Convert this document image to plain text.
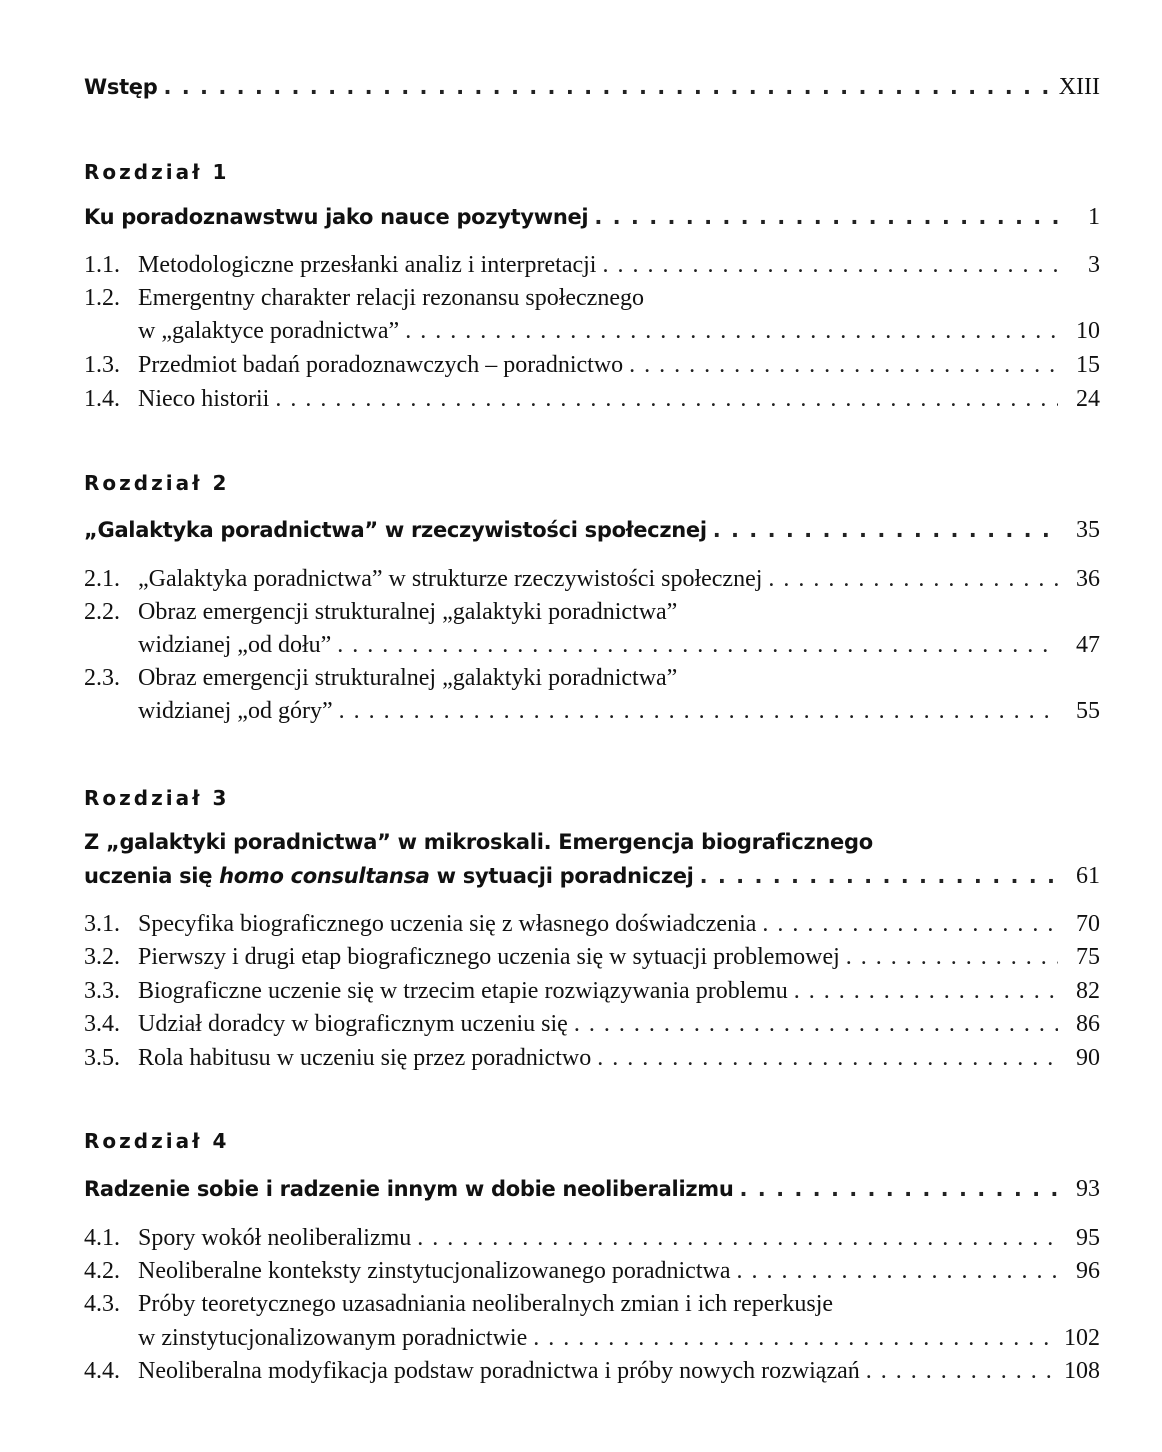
Wstęp . . .	XIII
Rozdział 1
Ku poradoznawstwu jako nauce pozytywnej . . .	1
1.1. Metodologiczne przesłanki analiz i interpretacji . . .	3
1.2. Emergentny charakter relacji rezonansu społecznego
w „galaktyce poradnictwa” . . .	10
1.3. Przedmiot badań poradoznawczych – poradnictwo . . .	15
1.4. Nieco historii . . .	24
Rozdział 2
„Galaktyka poradnictwa” w rzeczywistości społecznej . . .	35
2.1. „Galaktyka poradnictwa” w strukturze rzeczywistości społecznej . . .	36
2.2. Obraz emergencji strukturalnej „galaktyki poradnictwa”
widzianej „od dołu” . . .	47
2.3. Obraz emergencji strukturalnej „galaktyki poradnictwa”
widzianej „od góry” . . .	55
Rozdział 3
Z „galaktyki poradnictwa” w mikroskali. Emergencja biograficznego
uczenia się homo consultansa w sytuacji poradniczej . . .	61
3.1. Specyfika biograficznego uczenia się z własnego doświadczenia . . .	70
3.2. Pierwszy i drugi etap biograficznego uczenia się w sytuacji problemowej . . .	75
3.3. Biograficzne uczenie się w trzecim etapie rozwiązywania problemu . . .	82
3.4. Udział doradcy w biograficznym uczeniu się . . .	86
3.5. Rola habitusu w uczeniu się przez poradnictwo . . .	90
Rozdział 4
Radzenie sobie i radzenie innym w dobie neoliberalizmu . . .	93
4.1. Spory wokół neoliberalizmu . . .	95
4.2. Neoliberalne konteksty zinstytucjonalizowanego poradnictwa . . .	96
4.3. Próby teoretycznego uzasadniania neoliberalnych zmian i ich reperkusje
w zinstytucjonalizowanym poradnictwie . . .	102
4.4. Neoliberalna modyfikacja podstaw poradnictwa i próby nowych rozwiązań . . .	108
